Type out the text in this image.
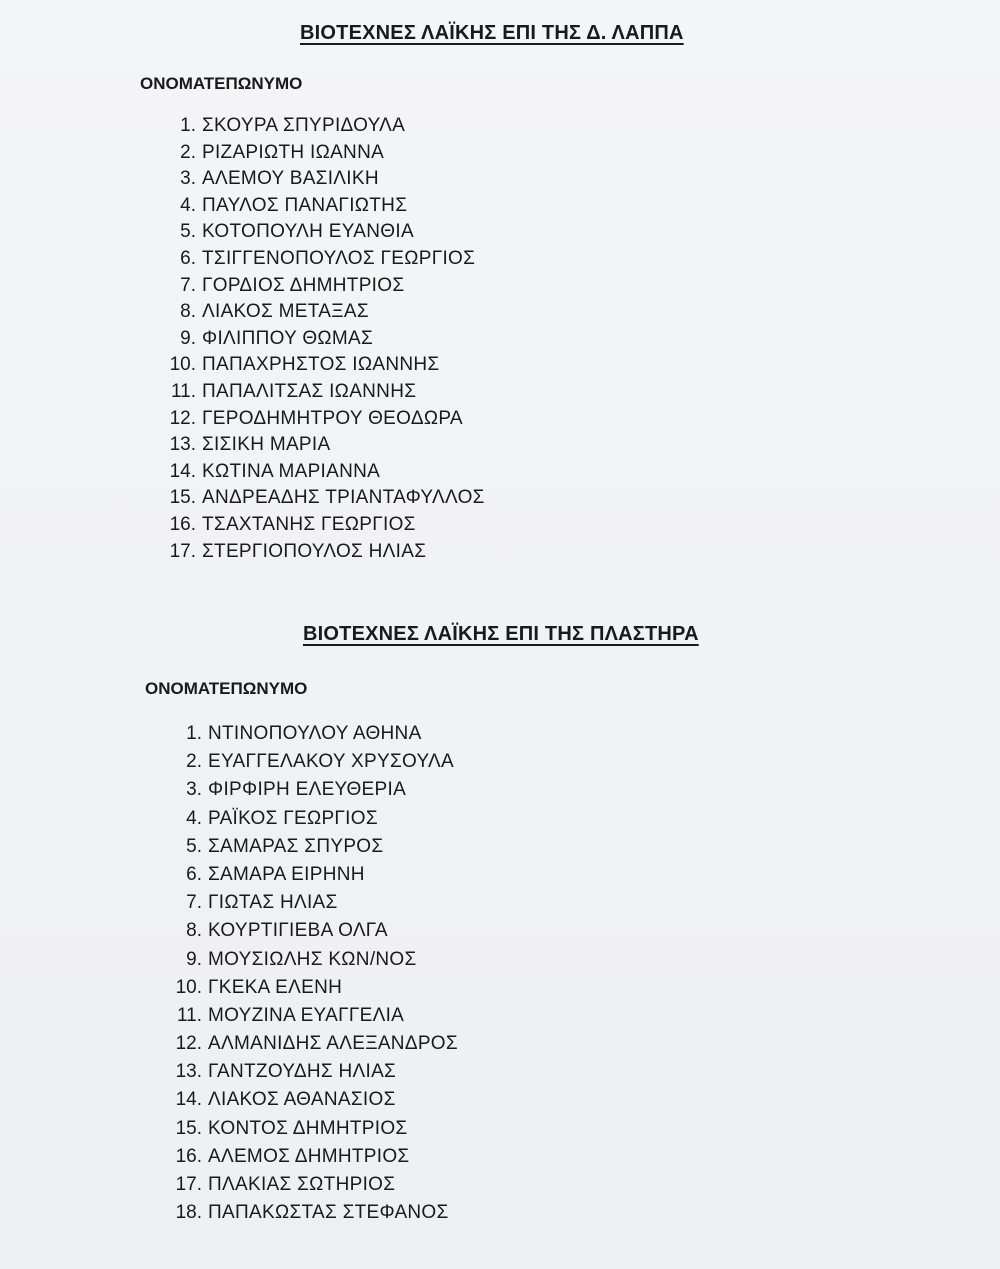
ΒΙΟΤΕΧΝΕΣ ΛΑΪΚΗΣ ΕΠΙ ΤΗΣ Δ. ΛΑΠΠΑ
ΟΝΟΜΑΤΕΠΩΝΥΜΟ
1. ΣΚΟΥΡΑ ΣΠΥΡΙΔΟΥΛΑ
2. ΡΙΖΑΡΙΩΤΗ ΙΩΑΝΝΑ
3. ΑΛΕΜΟΥ ΒΑΣΙΛΙΚΗ
4. ΠΑΥΛΟΣ ΠΑΝΑΓΙΩΤΗΣ
5. ΚΟΤΟΠΟΥΛΗ ΕΥΑΝΘΙΑ
6. ΤΣΙΓΓΕΝΟΠΟΥΛΟΣ ΓΕΩΡΓΙΟΣ
7. ΓΟΡΔΙΟΣ ΔΗΜΗΤΡΙΟΣ
8. ΛΙΑΚΟΣ ΜΕΤΑΞΑΣ
9. ΦΙΛΙΠΠΟΥ ΘΩΜΑΣ
10. ΠΑΠΑΧΡΗΣΤΟΣ ΙΩΑΝΝΗΣ
11. ΠΑΠΑΛΙΤΣΑΣ ΙΩΑΝΝΗΣ
12. ΓΕΡΟΔΗΜΗΤΡΟΥ ΘΕΟΔΩΡΑ
13. ΣΙΣΙΚΗ ΜΑΡΙΑ
14. ΚΩΤΙΝΑ ΜΑΡΙΑΝΝΑ
15. ΑΝΔΡΕΑΔΗΣ ΤΡΙΑΝΤΑΦΥΛΛΟΣ
16. ΤΣΑΧΤΑΝΗΣ ΓΕΩΡΓΙΟΣ
17. ΣΤΕΡΓΙΟΠΟΥΛΟΣ ΗΛΙΑΣ
ΒΙΟΤΕΧΝΕΣ ΛΑΪΚΗΣ ΕΠΙ ΤΗΣ ΠΛΑΣΤΗΡΑ
ΟΝΟΜΑΤΕΠΩΝΥΜΟ
1. ΝΤΙΝΟΠΟΥΛΟΥ ΑΘΗΝΑ
2. ΕΥΑΓΓΕΛΑΚΟΥ ΧΡΥΣΟΥΛΑ
3. ΦΙΡΦΙΡΗ ΕΛΕΥΘΕΡΙΑ
4. ΡΑΪΚΟΣ ΓΕΩΡΓΙΟΣ
5. ΣΑΜΑΡΑΣ ΣΠΥΡΟΣ
6. ΣΑΜΑΡΑ ΕΙΡΗΝΗ
7. ΓΙΩΤΑΣ ΗΛΙΑΣ
8. ΚΟΥΡΤΙΓΙΕΒΑ ΟΛΓΑ
9. ΜΟΥΣΙΩΛΗΣ ΚΩΝ/ΝΟΣ
10. ΓΚΕΚΑ ΕΛΕΝΗ
11. ΜΟΥΖΙΝΑ ΕΥΑΓΓΕΛΙΑ
12. ΑΛΜΑΝΙΔΗΣ ΑΛΕΞΑΝΔΡΟΣ
13. ΓΑΝΤΖΟΥΔΗΣ ΗΛΙΑΣ
14. ΛΙΑΚΟΣ ΑΘΑΝΑΣΙΟΣ
15. ΚΟΝΤΟΣ ΔΗΜΗΤΡΙΟΣ
16. ΑΛΕΜΟΣ ΔΗΜΗΤΡΙΟΣ
17. ΠΛΑΚΙΑΣ ΣΩΤΗΡΙΟΣ
18. ΠΑΠΑΚΩΣΤΑΣ ΣΤΕΦΑΝΟΣ
